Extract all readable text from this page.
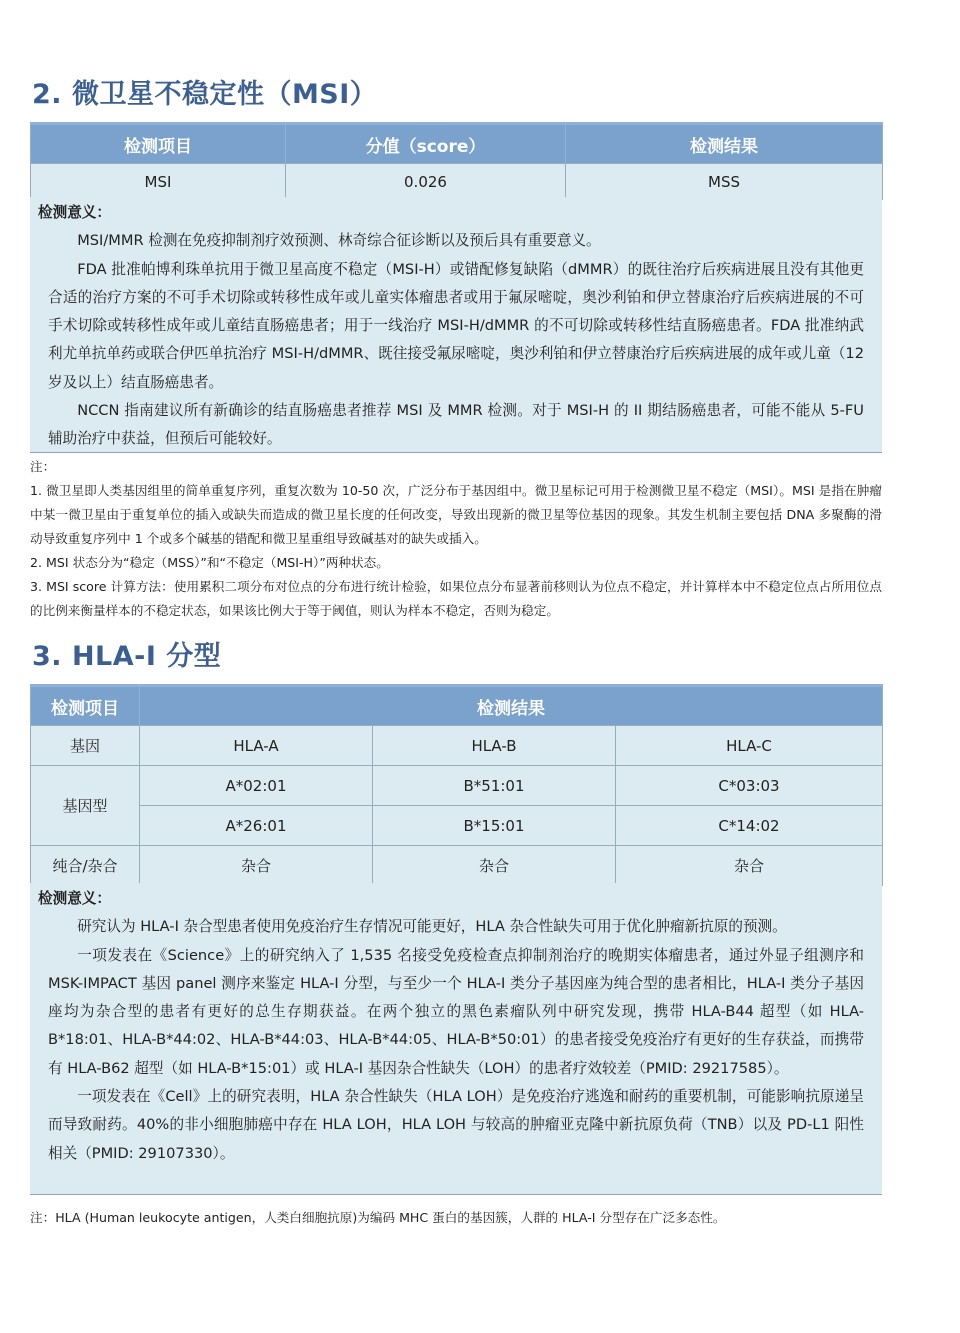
2. 微卫星不稳定性（MSI）
检测项目	分值（score）	检测结果
MSI	0.026	MSS
检测意义：

MSI/MMR 检测在免疫抑制剂疗效预测、林奇综合征诊断以及预后具有重要意义。

FDA 批准帕博利珠单抗用于微卫星高度不稳定（MSI-H）或错配修复缺陷（dMMR）的既往治疗后疾病进展且没有其他更合适的治疗方案的不可手术切除或转移性成年或儿童实体瘤患者或用于氟尿嘧啶，奥沙利铂和伊立替康治疗后疾病进展的不可手术切除或转移性成年或儿童结直肠癌患者；用于一线治疗 MSI-H/dMMR 的不可切除或转移性结直肠癌患者。FDA 批准纳武利尤单抗单药或联合伊匹单抗治疗 MSI-H/dMMR、既往接受氟尿嘧啶，奥沙利铂和伊立替康治疗后疾病进展的成年或儿童（12 岁及以上）结直肠癌患者。

NCCN 指南建议所有新确诊的结直肠癌患者推荐 MSI 及 MMR 检测。对于 MSI-H 的 II 期结肠癌患者，可能不能从 5-FU 辅助治疗中获益，但预后可能较好。

注：

1. 微卫星即人类基因组里的简单重复序列，重复次数为 10-50 次，广泛分布于基因组中。微卫星标记可用于检测微卫星不稳定（MSI）。MSI 是指在肿瘤中某一微卫星由于重复单位的插入或缺失而造成的微卫星长度的任何改变，导致出现新的微卫星等位基因的现象。其发生机制主要包括 DNA 多聚酶的滑动导致重复序列中 1 个或多个碱基的错配和微卫星重组导致碱基对的缺失或插入。

2. MSI 状态分为“稳定（MSS）”和“不稳定（MSI-H）”两种状态。

3. MSI score 计算方法：使用累积二项分布对位点的分布进行统计检验，如果位点分布显著前移则认为位点不稳定，并计算样本中不稳定位点占所用位点的比例来衡量样本的不稳定状态，如果该比例大于等于阈值，则认为样本不稳定，否则为稳定。

3. HLA-I 分型
检测项目	检测结果		
基因	HLA-A	HLA-B	HLA-C
基因型	A*02:01	B*51:01	C*03:03
	A*26:01	B*15:01	C*14:02
纯合/杂合	杂合	杂合	杂合
检测意义：

研究认为 HLA-I 杂合型患者使用免疫治疗生存情况可能更好，HLA 杂合性缺失可用于优化肿瘤新抗原的预测。

一项发表在《Science》上的研究纳入了 1,535 名接受免疫检查点抑制剂治疗的晚期实体瘤患者，通过外显子组测序和 MSK-IMPACT 基因 panel 测序来鉴定 HLA-I 分型，与至少一个 HLA-I 类分子基因座为纯合型的患者相比，HLA-I 类分子基因座均为杂合型的患者有更好的总生存期获益。在两个独立的黑色素瘤队列中研究发现，携带 HLA-B44 超型（如 HLA-B*18:01、HLA-B*44:02、HLA-B*44:03、HLA-B*44:05、HLA-B*50:01）的患者接受免疫治疗有更好的生存获益，而携带有 HLA-B62 超型（如 HLA-B*15:01）或 HLA-I 基因杂合性缺失（LOH）的患者疗效较差（PMID: 29217585）。

一项发表在《Cell》上的研究表明，HLA 杂合性缺失（HLA LOH）是免疫治疗逃逸和耐药的重要机制，可能影响抗原递呈而导致耐药。40%的非小细胞肺癌中存在 HLA LOH，HLA LOH 与较高的肿瘤亚克隆中新抗原负荷（TNB）以及 PD-L1 阳性相关（PMID: 29107330）。

注：HLA (Human leukocyte antigen，人类白细胞抗原)为编码 MHC 蛋白的基因簇，人群的 HLA-I 分型存在广泛多态性。
